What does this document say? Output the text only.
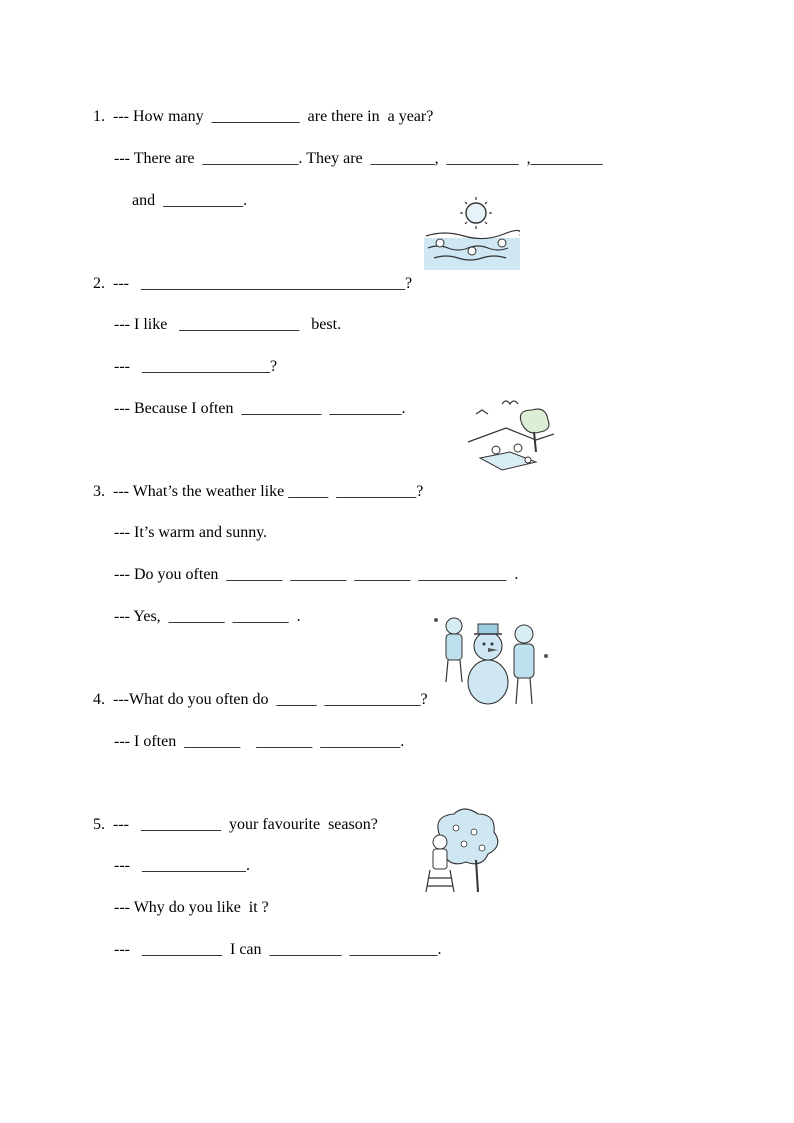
1.  --- How many  ___________  are there in  a year?
--- There are  ____________. They are  ________,  _________  ,_________
and  __________.
2.  ---   _________________________________?
--- I like   _______________   best.
---   ________________?
--- Because I often  __________  _________.
3.  --- What’s the weather like _____  __________?
--- It’s warm and sunny.
--- Do you often  _______  _______  _______  ___________  .
--- Yes,  _______  _______  .
4.  ---What do you often do  _____  ____________?
--- I often  _______    _______  __________.
5.  ---   __________  your favourite  season?
---   _____________.
--- Why do you like  it ?
---   __________  I can  _________  ___________.
